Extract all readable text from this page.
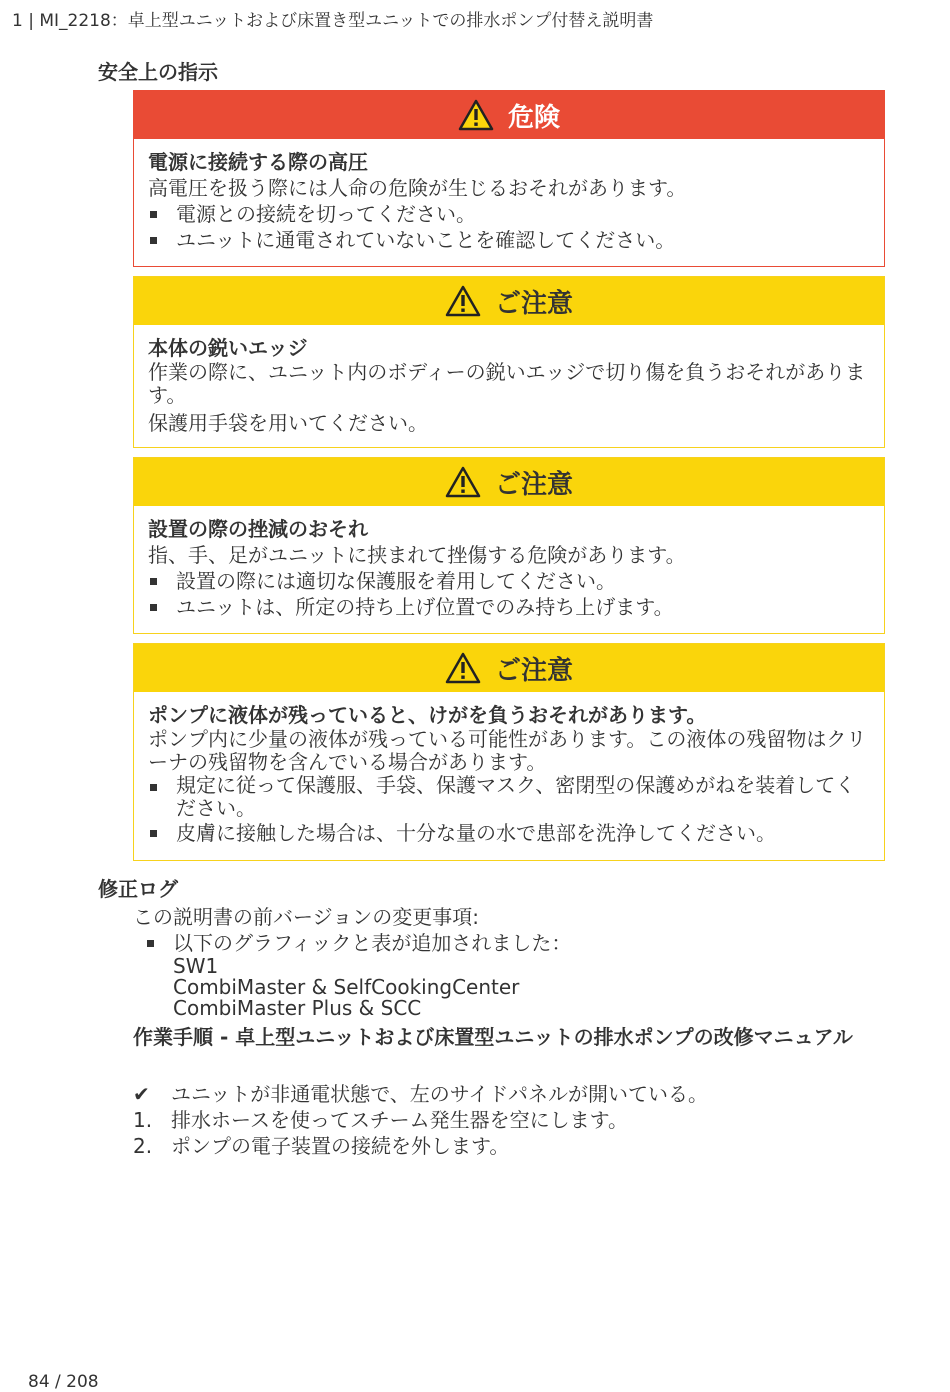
1 | MI_2218：卓上型ユニットおよび床置き型ユニットでの排水ポンプ付替え説明書
安全上の指示
危険
電源に接続する際の高圧
高電圧を扱う際には人命の危険が生じるおそれがあります。
電源との接続を切ってください。
ユニットに通電されていないことを確認してください。
ご注意
本体の鋭いエッジ
作業の際に、ユニット内のボディーの鋭いエッジで切り傷を負うおそれがあります。
保護用手袋を用いてください。
ご注意
設置の際の挫減のおそれ
指、手、足がユニットに挟まれて挫傷する危険があります。
設置の際には適切な保護服を着用してください。
ユニットは、所定の持ち上げ位置でのみ持ち上げます。
ご注意
ポンプに液体が残っていると、けがを負うおそれがあります。
ポンプ内に少量の液体が残っている可能性があります。この液体の残留物はクリーナの残留物を含んでいる場合があります。
規定に従って保護服、手袋、保護マスク、密閉型の保護めがねを装着してください。
皮膚に接触した場合は、十分な量の水で患部を洗浄してください。
修正ログ
この説明書の前バージョンの変更事項:
以下のグラフィックと表が追加されました：
SW1
CombiMaster & SelfCookingCenter
CombiMaster Plus & SCC
作業手順 - 卓上型ユニットおよび床置型ユニットの排水ポンプの改修マニュアル
✔	ユニットが非通電状態で、左のサイドパネルが開いている。
1. 排水ホースを使ってスチーム発生器を空にします。
2. ポンプの電子装置の接続を外します。
84 / 208
